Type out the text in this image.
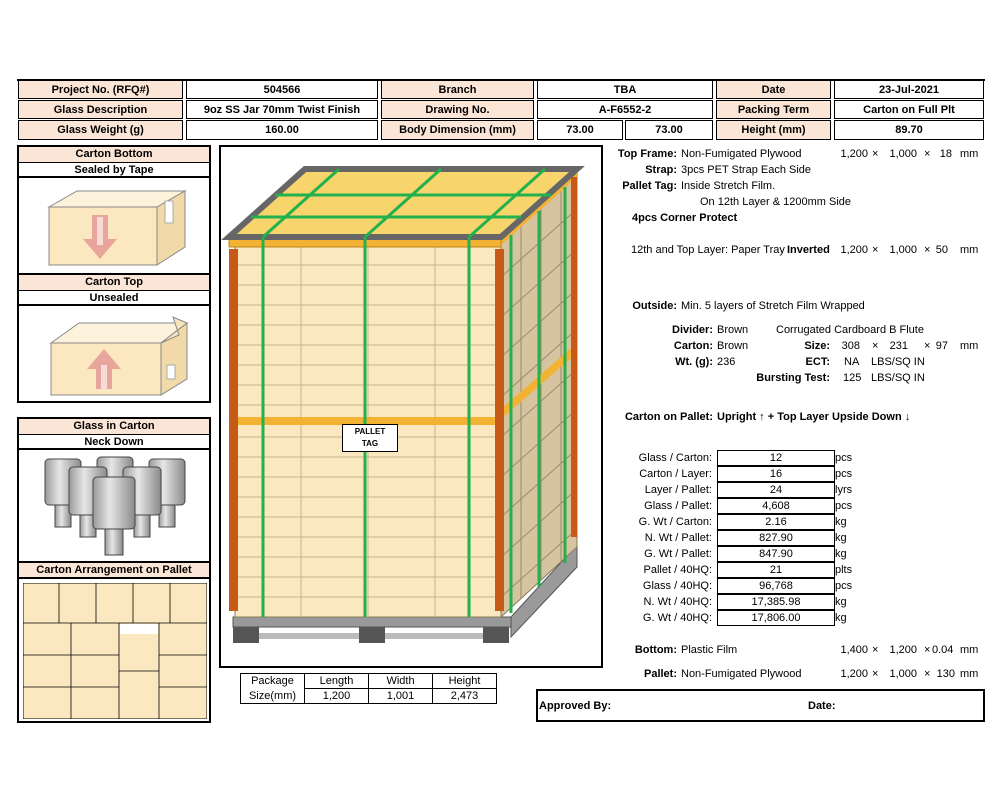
Project No. (RFQ#)	504566	Branch	TBA	Date	23-Jul-2021
Glass Description	9oz SS Jar 70mm Twist Finish	Drawing No.	A-F6552-2	Packing Term	Carton on Full Plt
Glass Weight (g)	160.00	Body Dimension (mm)	73.00	73.00	Height (mm)	89.70
Carton Bottom
Sealed by Tape
Carton Top
Unsealed
Glass in Carton
Neck Down
Carton Arrangement on Pallet
PALLET
TAG
Package	Length	Width	Height
Size(mm)	1,200	1,001	2,473
Top Frame: Non-Fumigated Plywood	1,200 × 1,000 × 18 mm
Strap: 3pcs PET Strap Each Side
Pallet Tag: Inside Stretch Film.
On 12th Layer & 1200mm Side
4pcs Corner Protect
12th and Top Layer: Paper Tray Inverted 1,200 × 1,000 × 50 mm
Outside: Min. 5 layers of Stretch Film Wrapped
Divider: Brown	Corrugated Cardboard B Flute
Carton: Brown	Size: 308 × 231 × 97 mm
Wt. (g): 236	ECT: NA LBS/SQ IN
Bursting Test: 125 LBS/SQ IN
Carton on Pallet: Upright ↑ + Top Layer Upside Down ↓
Glass / Carton:	12	pcs
Carton / Layer:	16	pcs
Layer / Pallet:	24	lyrs
Glass / Pallet:	4,608	pcs
G. Wt / Carton:	2.16	kg
N. Wt / Pallet:	827.90	kg
G. Wt / Pallet:	847.90	kg
Pallet / 40HQ:	21	plts
Glass / 40HQ:	96,768	pcs
N. Wt / 40HQ:	17,385.98	kg
G. Wt / 40HQ:	17,806.00	kg
Bottom: Plastic Film	1,400 × 1,200 × 0.04 mm
Pallet: Non-Fumigated Plywood	1,200 × 1,000 × 130 mm
Approved By:	Date:
